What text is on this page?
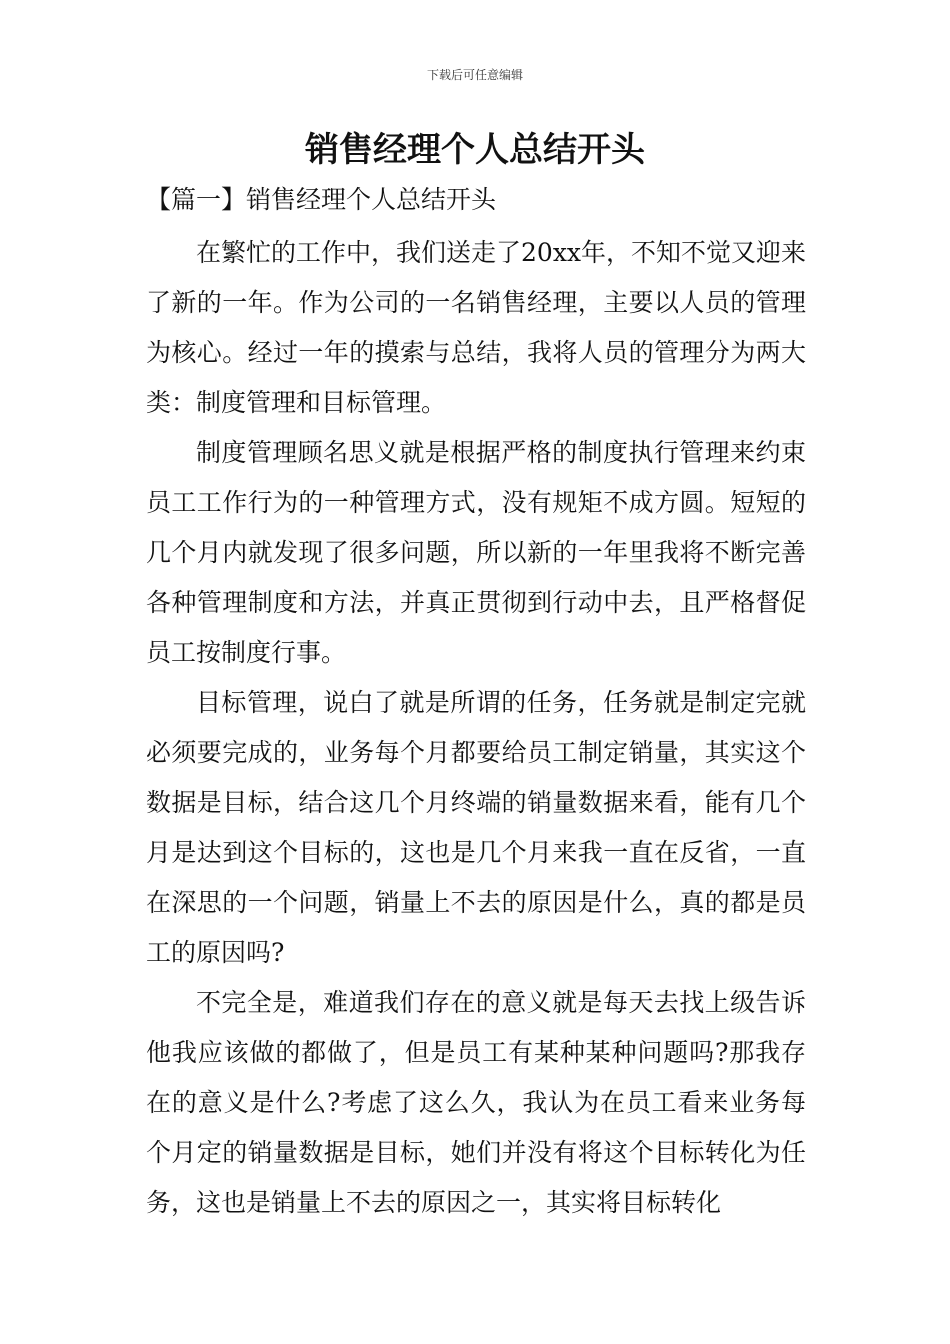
下载后可任意编辑
销售经理个人总结开头
【篇一】销售经理个人总结开头

在繁忙的工作中，我们送走了20xx年，不知不觉又迎来了新的一年。作为公司的一名销售经理，主要以人员的管理为核心。经过一年的摸索与总结，我将人员的管理分为两大类：制度管理和目标管理。

制度管理顾名思义就是根据严格的制度执行管理来约束员工工作行为的一种管理方式，没有规矩不成方圆。短短的几个月内就发现了很多问题，所以新的一年里我将不断完善各种管理制度和方法，并真正贯彻到行动中去，且严格督促员工按制度行事。

目标管理，说白了就是所谓的任务，任务就是制定完就必须要完成的，业务每个月都要给员工制定销量，其实这个数据是目标，结合这几个月终端的销量数据来看，能有几个月是达到这个目标的，这也是几个月来我一直在反省，一直在深思的一个问题，销量上不去的原因是什么，真的都是员工的原因吗?

不完全是，难道我们存在的意义就是每天去找上级告诉他我应该做的都做了，但是员工有某种某种问题吗?那我存在的意义是什么?考虑了这么久，我认为在员工看来业务每个月定的销量数据是目标，她们并没有将这个目标转化为任务，这也是销量上不去的原因之一，其实将目标转化
